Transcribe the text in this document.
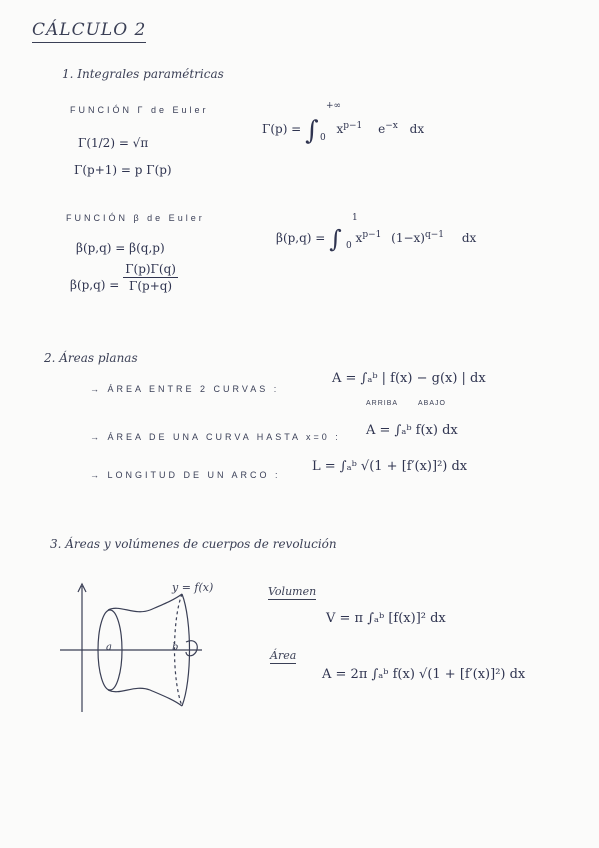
CÁLCULO 2
1. Integrales paramétricas
FUNCIÓN Γ de Euler
Γ(1/2) = √π
Γ(p+1) = p Γ(p)
Γ(p) = ∫
+∞
0
$x^{p-1}$ $e^{-x}$ dx
FUNCIÓN β de Euler
β(p,q) = β(q,p)
$\beta(p,q) = \frac{\Gamma(p)\Gamma(q)}{\Gamma(p+q)}$
β(p,q) = ∫
1
0
$x^{p-1}$ $(1-x)^{q-1}$ dx
2. Áreas planas
→ ÁREA ENTRE 2 CURVAS :
A = ∫ₐᵇ | f(x) − g(x) | dx
ARRIBA	ABAJO
→ ÁREA DE UNA CURVA HASTA x=0 : A = ∫ₐᵇ f(x) dx
→ LONGITUD DE UN ARCO :
L = ∫ₐᵇ √(1 + [f′(x)]²) dx
3. Áreas y volúmenes de cuerpos de revolución
a	b
y = f(x)	Volumen
V = π ∫ₐᵇ [f(x)]² dx
Área
A = 2π ∫ₐᵇ f(x) √(1 + [f′(x)]²) dx
